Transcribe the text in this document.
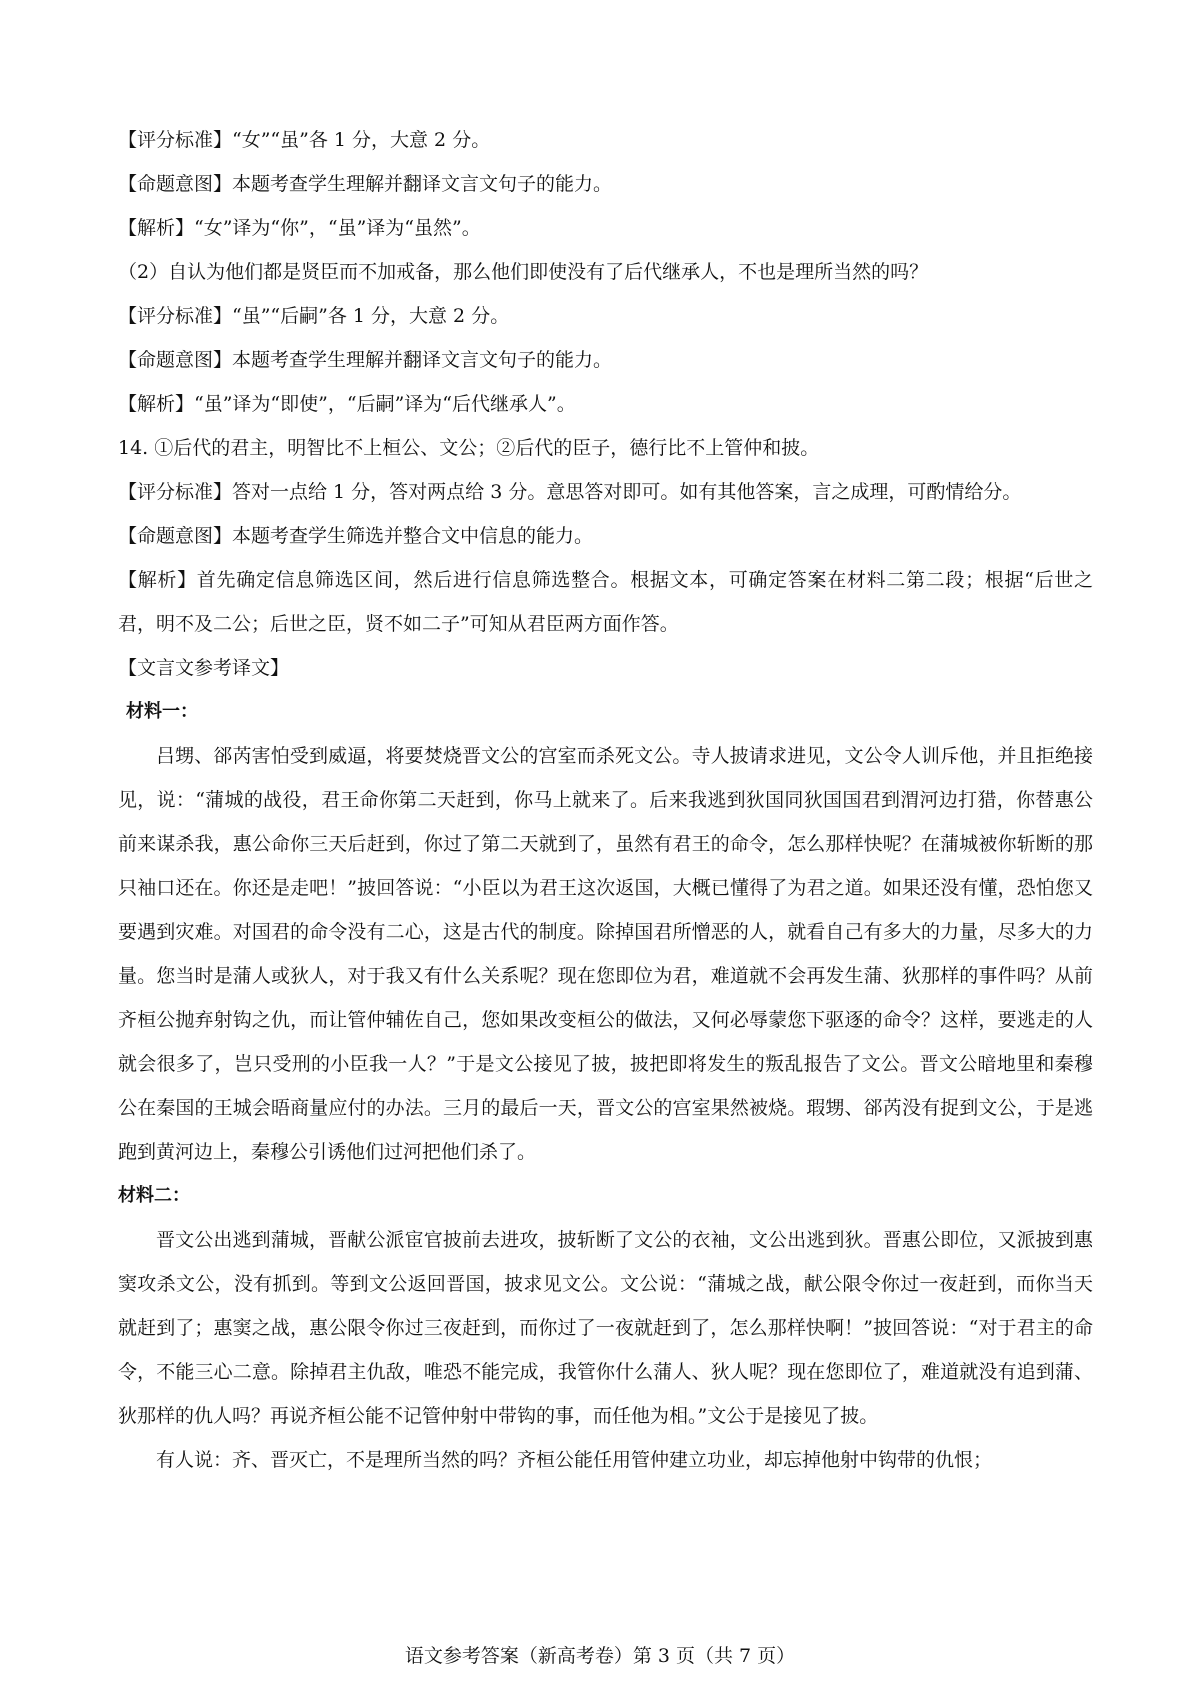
【评分标准】“女”“虽”各 1 分，大意 2 分。
【命题意图】本题考查学生理解并翻译文言文句子的能力。
【解析】“女”译为“你”，“虽”译为“虽然”。
（2）自认为他们都是贤臣而不加戒备，那么他们即使没有了后代继承人，不也是理所当然的吗？
【评分标准】“虽”“后嗣”各 1 分，大意 2 分。
【命题意图】本题考查学生理解并翻译文言文句子的能力。
【解析】“虽”译为“即使”，“后嗣”译为“后代继承人”。
14. ①后代的君主，明智比不上桓公、文公；②后代的臣子，德行比不上管仲和披。
【评分标准】答对一点给 1 分，答对两点给 3 分。意思答对即可。如有其他答案，言之成理，可酌情给分。
【命题意图】本题考查学生筛选并整合文中信息的能力。

【解析】首先确定信息筛选区间，然后进行信息筛选整合。根据文本，可确定答案在材料二第二段；根据“后世之君，明不及二公；后世之臣，贤不如二子”可知从君臣两方面作答。

【文言文参考译文】
材料一：

吕甥、郤芮害怕受到威逼，将要焚烧晋文公的宫室而杀死文公。寺人披请求进见，文公令人训斥他，并且拒绝接见，说：“蒲城的战役，君王命你第二天赶到，你马上就来了。后来我逃到狄国同狄国国君到渭河边打猎，你替惠公前来谋杀我，惠公命你三天后赶到，你过了第二天就到了，虽然有君王的命令，怎么那样快呢？在蒲城被你斩断的那只袖口还在。你还是走吧！”披回答说：“小臣以为君王这次返国，大概已懂得了为君之道。如果还没有懂，恐怕您又要遇到灾难。对国君的命令没有二心，这是古代的制度。除掉国君所憎恶的人，就看自己有多大的力量，尽多大的力量。您当时是蒲人或狄人，对于我又有什么关系呢？现在您即位为君，难道就不会再发生蒲、狄那样的事件吗？从前齐桓公抛弃射钩之仇，而让管仲辅佐自己，您如果改变桓公的做法，又何必辱蒙您下驱逐的命令？这样，要逃走的人就会很多了，岂只受刑的小臣我一人？”于是文公接见了披，披把即将发生的叛乱报告了文公。晋文公暗地里和秦穆公在秦国的王城会晤商量应付的办法。三月的最后一天，晋文公的宫室果然被烧。瑕甥、郤芮没有捉到文公，于是逃跑到黄河边上，秦穆公引诱他们过河把他们杀了。

材料二：

晋文公出逃到蒲城，晋献公派宦官披前去进攻，披斩断了文公的衣袖，文公出逃到狄。晋惠公即位，又派披到惠窦攻杀文公，没有抓到。等到文公返回晋国，披求见文公。文公说：“蒲城之战，献公限令你过一夜赶到，而你当天就赶到了；惠窦之战，惠公限令你过三夜赶到，而你过了一夜就赶到了，怎么那样快啊！”披回答说：“对于君主的命令，不能三心二意。除掉君主仇敌，唯恐不能完成，我管你什么蒲人、狄人呢？现在您即位了，难道就没有追到蒲、狄那样的仇人吗？再说齐桓公能不记管仲射中带钩的事，而任他为相。”文公于是接见了披。

有人说：齐、晋灭亡，不是理所当然的吗？齐桓公能任用管仲建立功业，却忘掉他射中钩带的仇恨；

语文参考答案（新高考卷）第 3 页（共 7 页）
